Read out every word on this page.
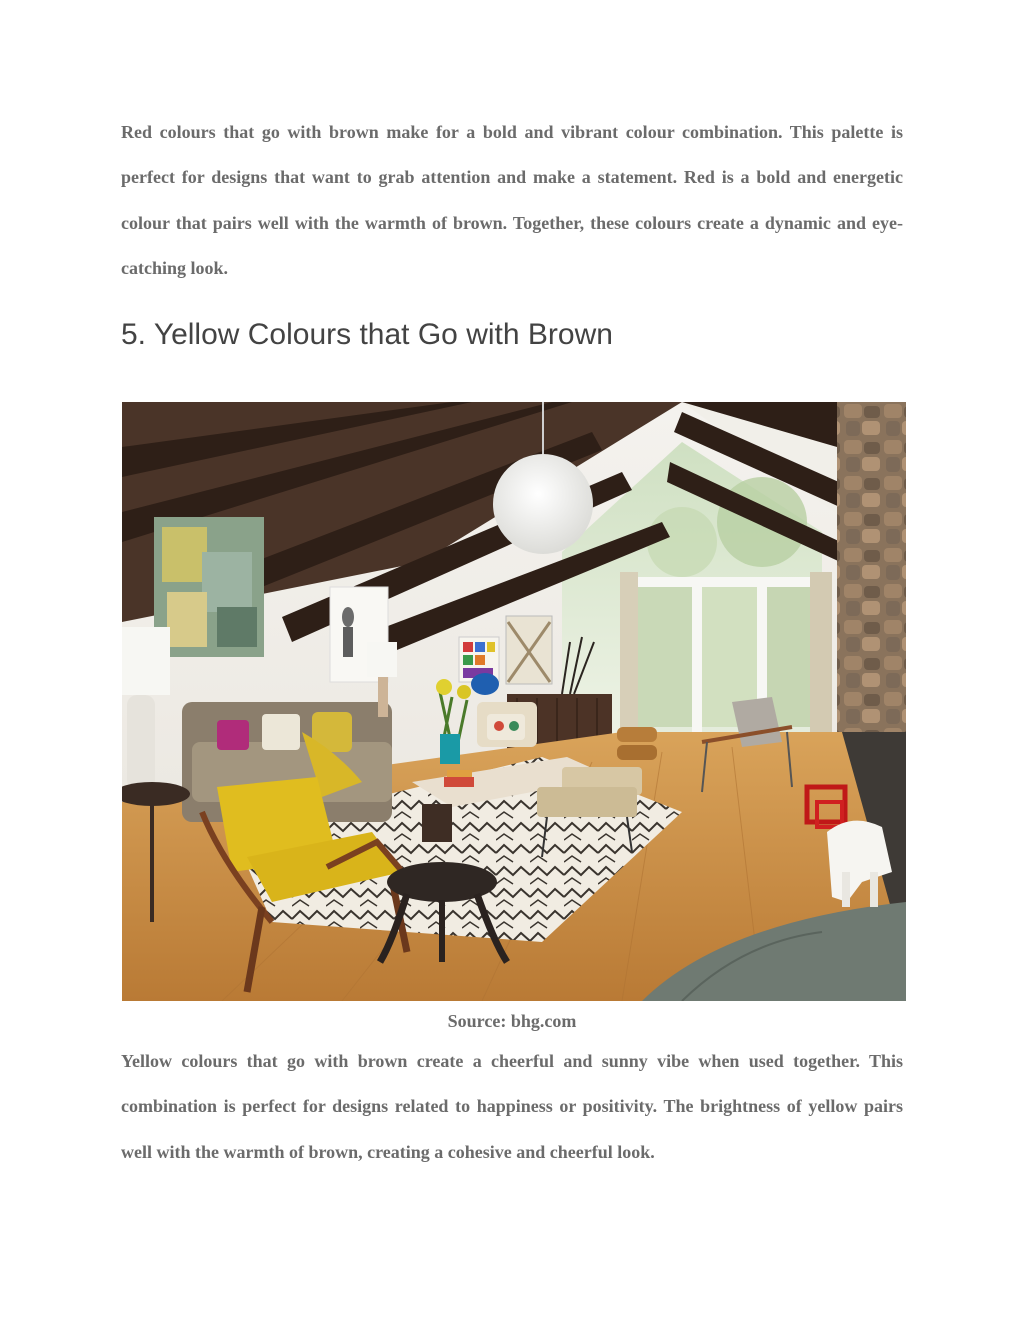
Red colours that go with brown make for a bold and vibrant colour combination. This palette is perfect for designs that want to grab attention and make a statement. Red is a bold and energetic colour that pairs well with the warmth of brown. Together, these colours create a dynamic and eye-catching look.

5. Yellow Colours that Go with Brown

Source: bhg.com

Yellow colours that go with brown create a cheerful and sunny vibe when used together. This combination is perfect for designs related to happiness or positivity. The brightness of yellow pairs well with the warmth of brown, creating a cohesive and cheerful look.
